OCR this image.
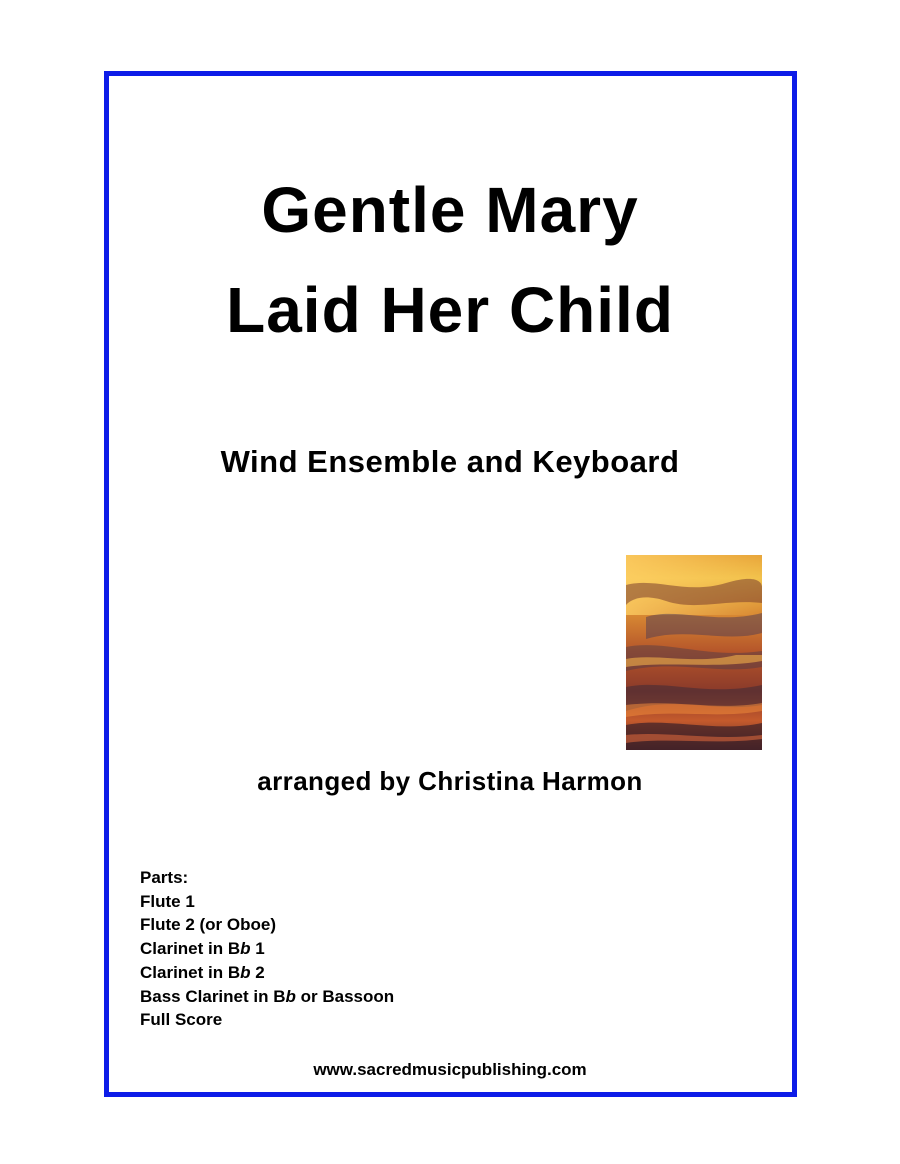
Gentle Mary
Laid Her Child
Wind Ensemble and Keyboard
arranged by Christina Harmon
Parts:
Flute 1
Flute 2 (or Oboe)
Clarinet in Bb 1
Clarinet in Bb 2
Bass Clarinet in Bb or Bassoon
Full Score
www.sacredmusicpublishing.com
